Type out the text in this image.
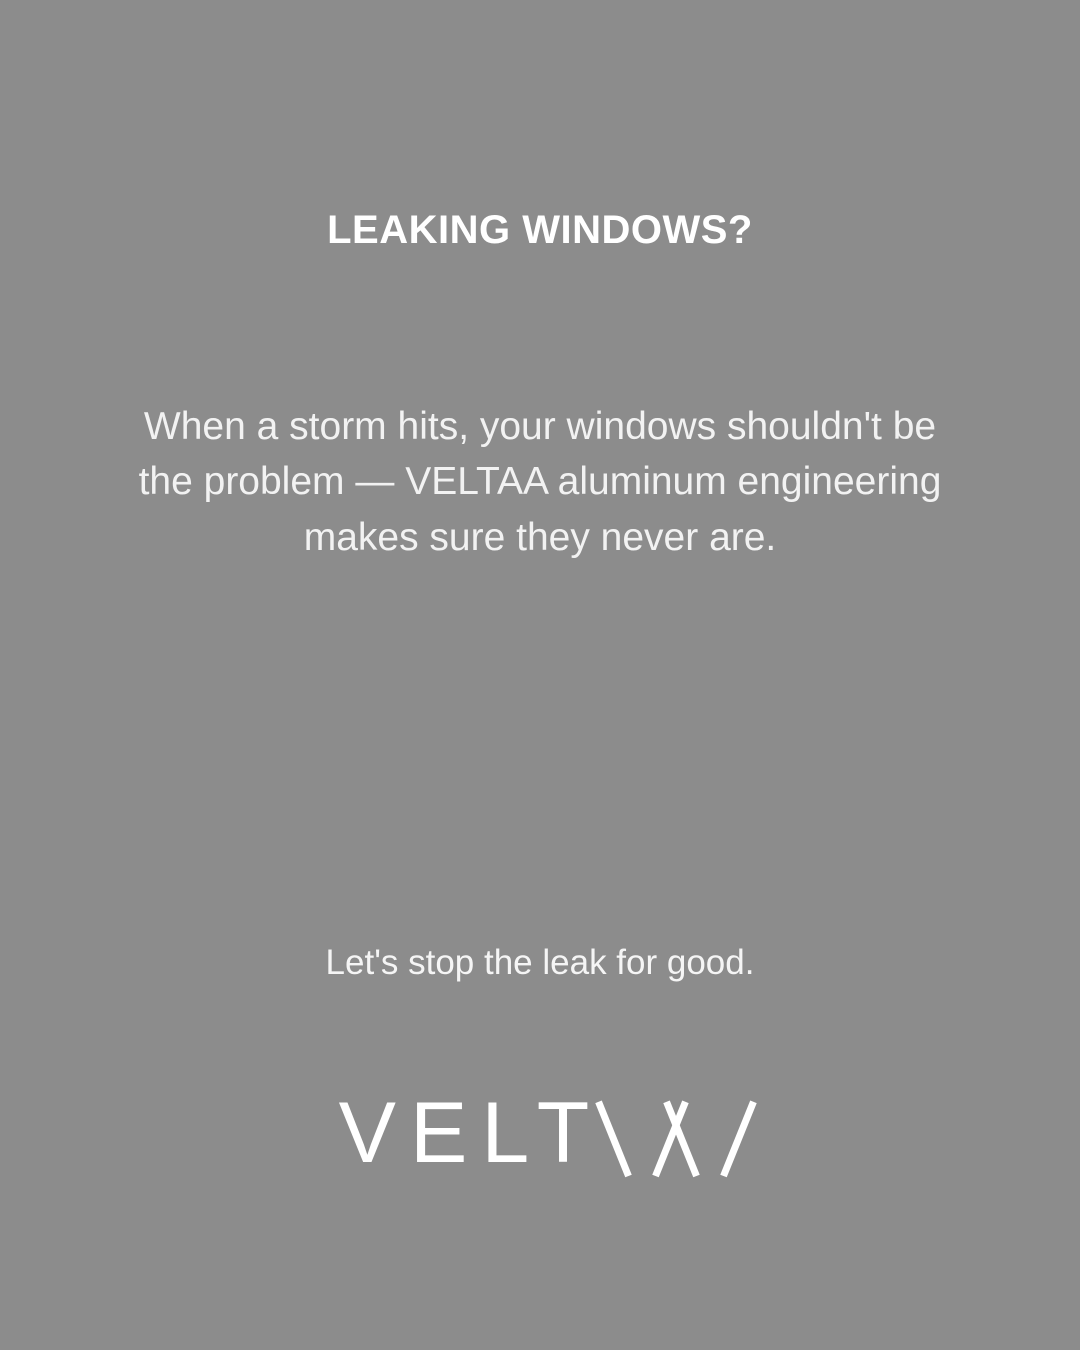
LEAKING WINDOWS?
When a storm hits, your windows shouldn't be the problem — VELTAA aluminum engineering makes sure they never are.
Let's stop the leak for good.
VELT
